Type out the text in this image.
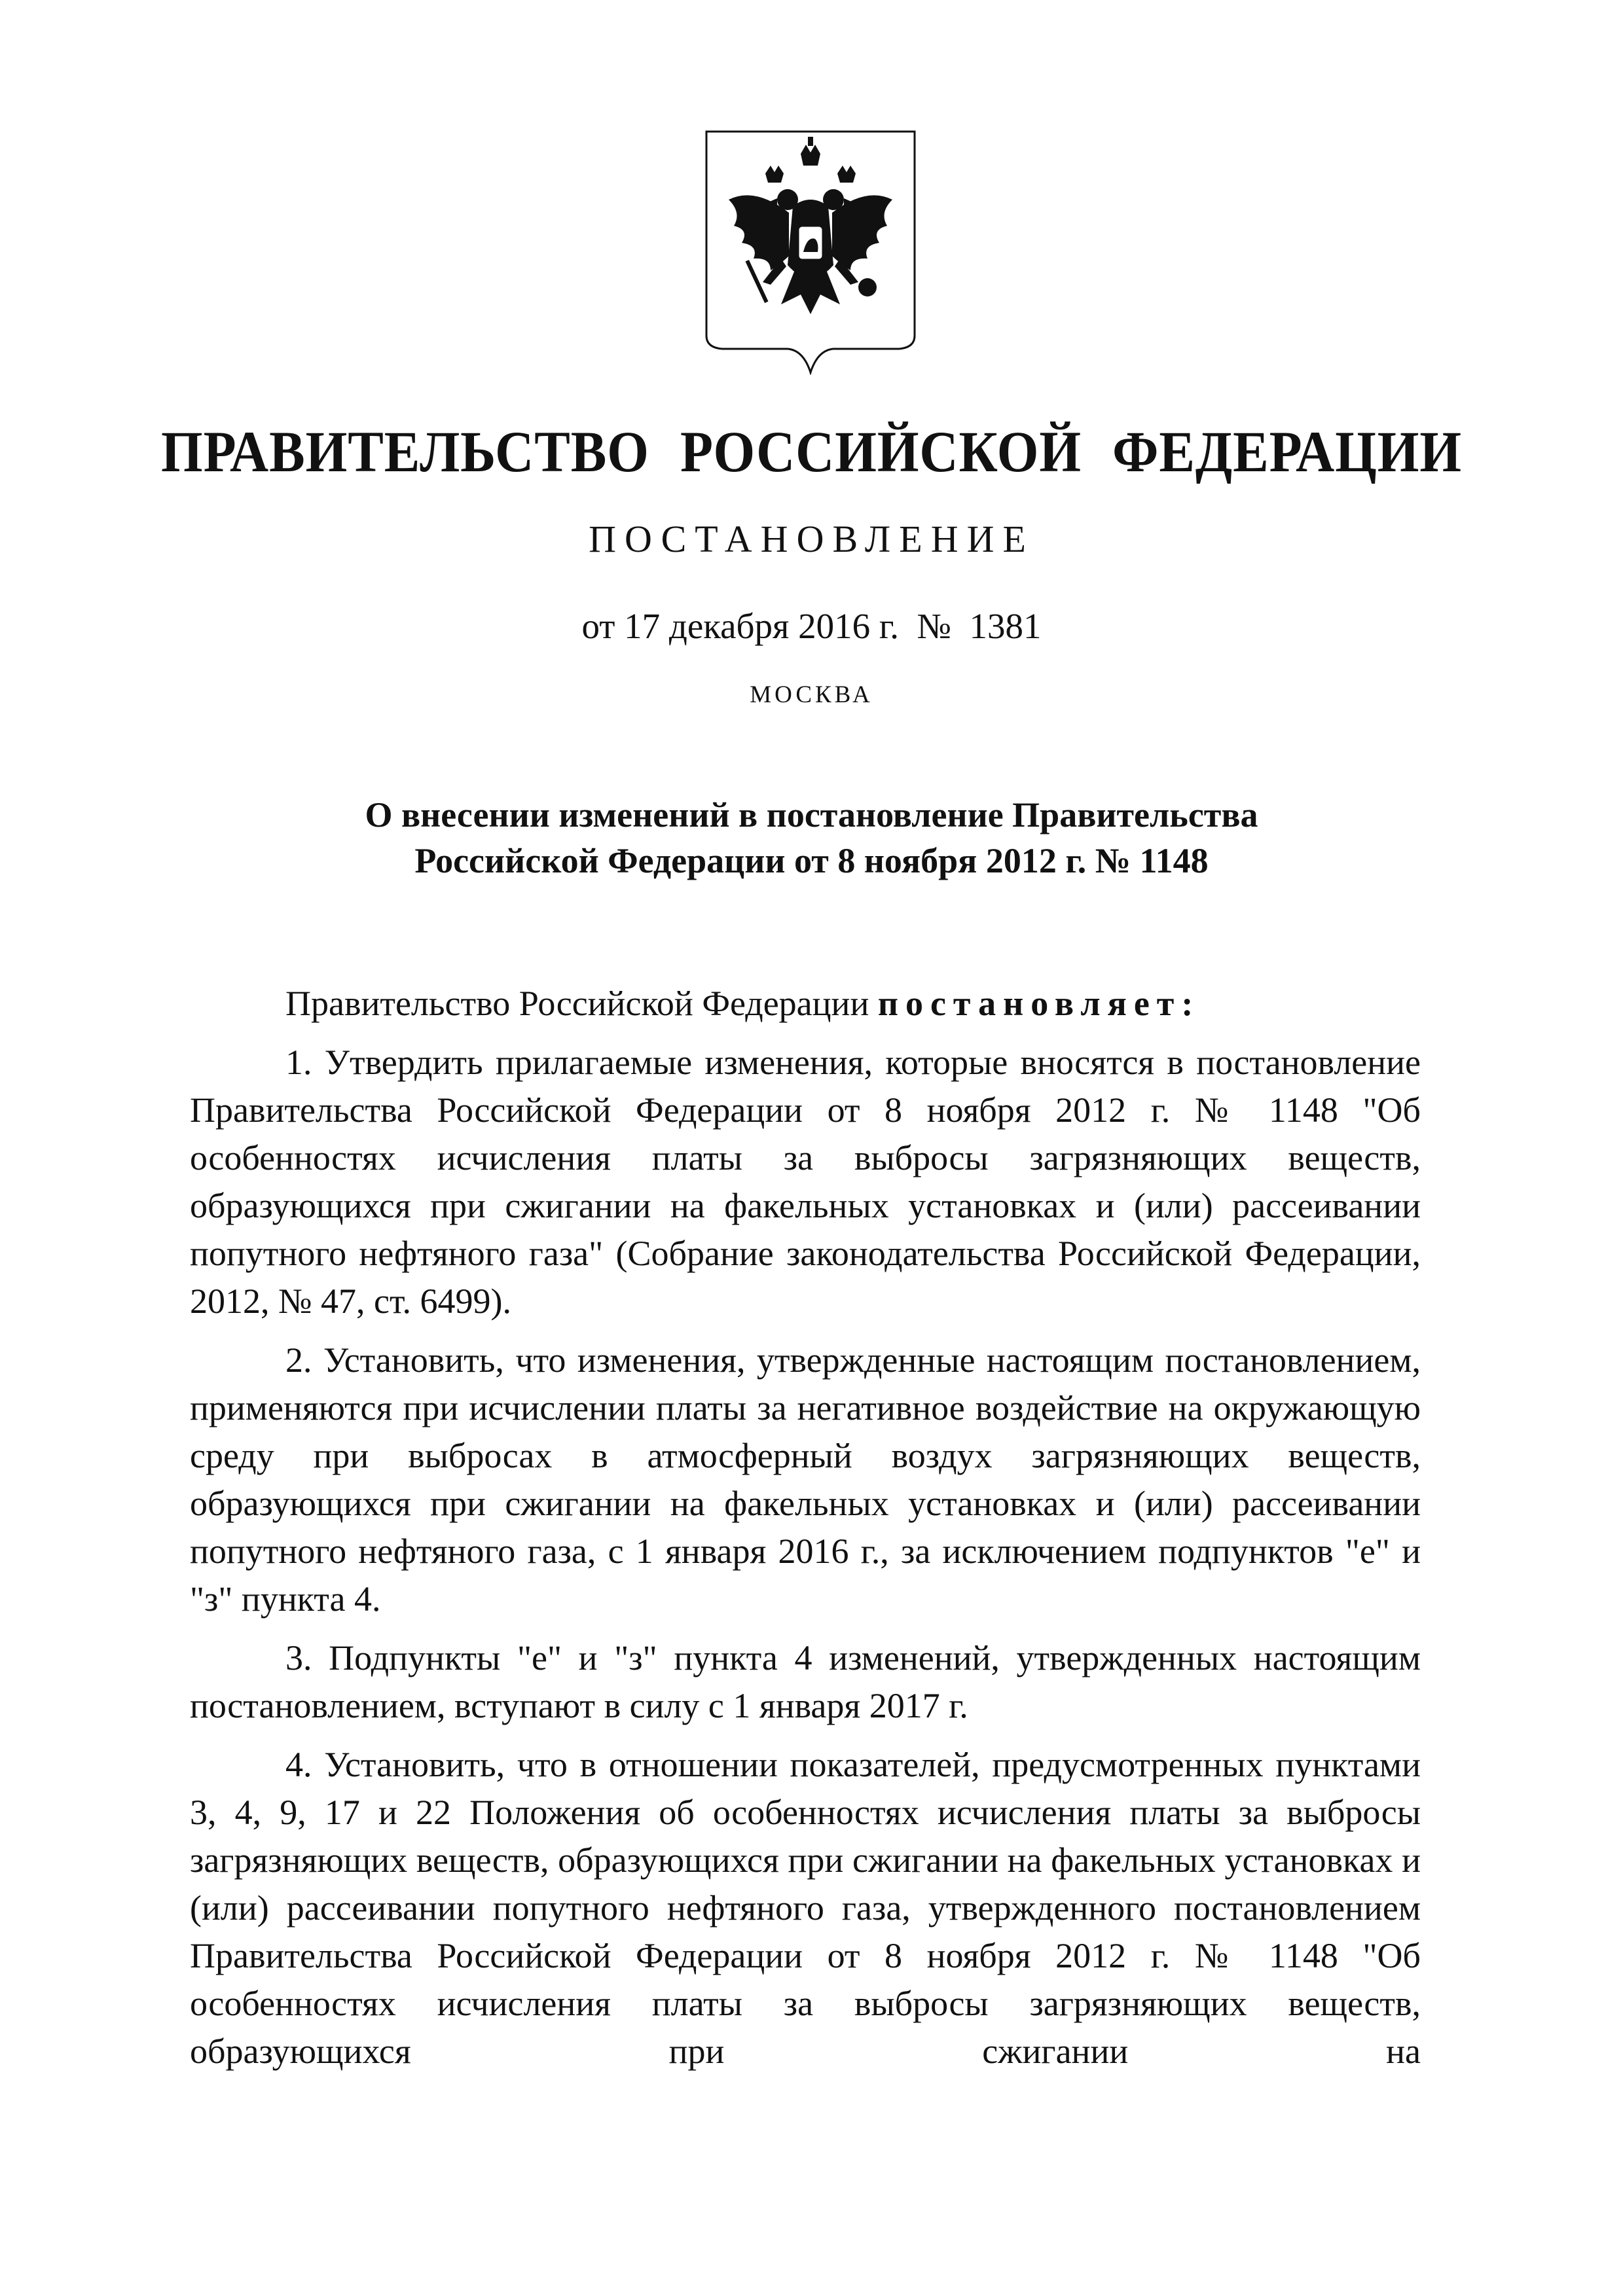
ПРАВИТЕЛЬСТВО РОССИЙСКОЙ ФЕДЕРАЦИИ
ПОСТАНОВЛЕНИЕ
от 17 декабря 2016 г. № 1381
МОСКВА
О внесении изменений в постановление Правительства
Российской Федерации от 8 ноября 2012 г. № 1148

Правительство Российской Федерации постановляет:

1. Утвердить прилагаемые изменения, которые вносятся в постановление Правительства Российской Федерации от 8 ноября 2012 г. № 1148 "Об особенностях исчисления платы за выбросы загрязняющих веществ, образующихся при сжигании на факельных установках и (или) рассеивании попутного нефтяного газа" (Собрание законодательства Российской Федерации, 2012, № 47, ст. 6499).

2. Установить, что изменения, утвержденные настоящим постановлением, применяются при исчислении платы за негативное воздействие на окружающую среду при выбросах в атмосферный воздух загрязняющих веществ, образующихся при сжигании на факельных установках и (или) рассеивании попутного нефтяного газа, с 1 января 2016 г., за исключением подпунктов "е" и "з" пункта 4.

3. Подпункты "е" и "з" пункта 4 изменений, утвержденных настоящим постановлением, вступают в силу с 1 января 2017 г.

4. Установить, что в отношении показателей, предусмотренных пунктами 3, 4, 9, 17 и 22 Положения об особенностях исчисления платы за выбросы загрязняющих веществ, образующихся при сжигании на факельных установках и (или) рассеивании попутного нефтяного газа, утвержденного постановлением Правительства Российской Федерации от 8 ноября 2012 г. № 1148 "Об особенностях исчисления платы за выбросы загрязняющих веществ, образующихся при сжигании на
